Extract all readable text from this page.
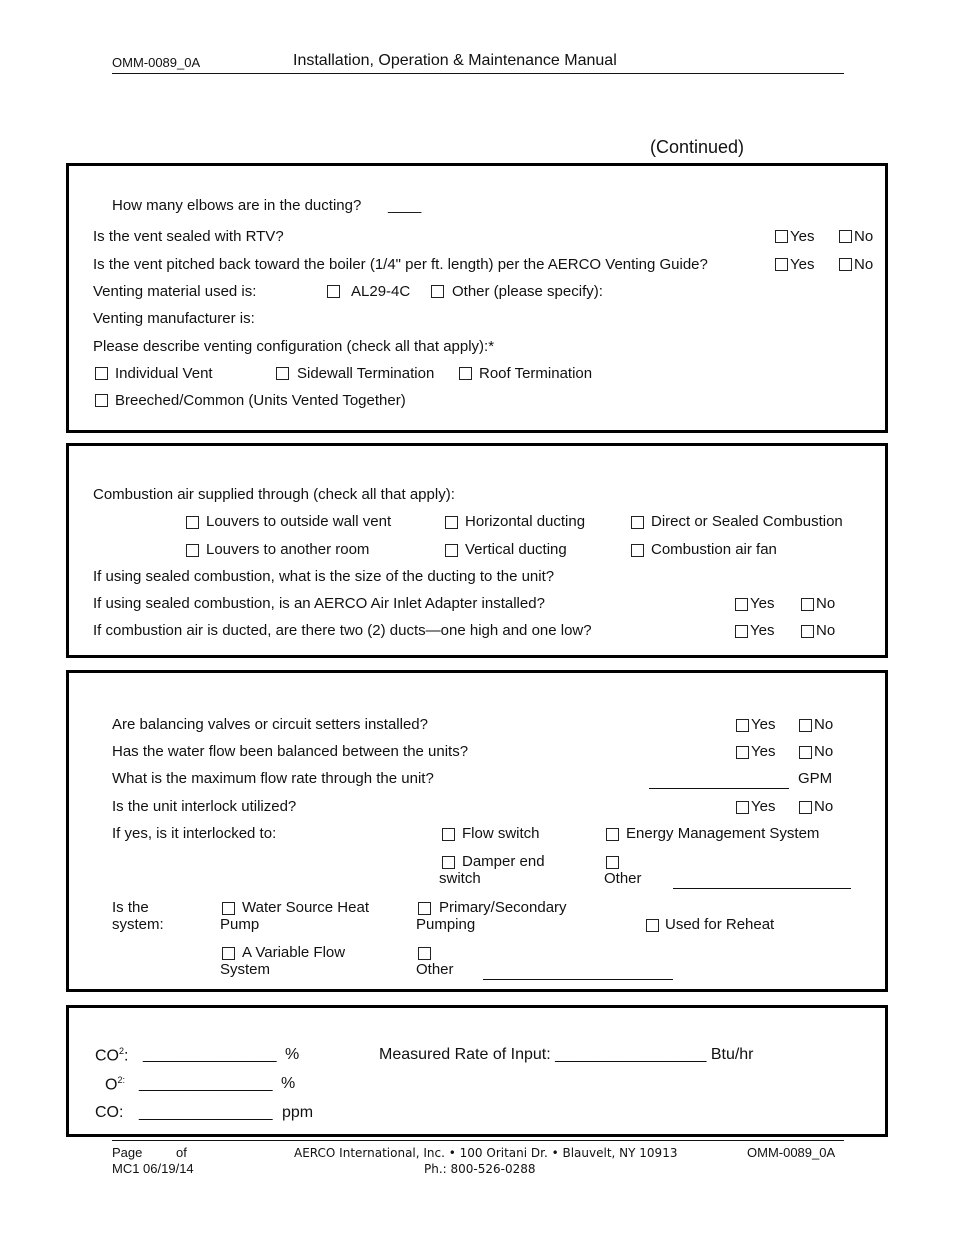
OMM-0089_0A	Installation, Operation & Maintenance Manual
(Continued)
How many elbows are in the ducting? ____
Is the vent sealed with RTV?	Yes	No
Is the vent pitched back toward the boiler (1/4" per ft. length) per the AERCO Venting Guide?	Yes	No
Venting material used is:	AL29-4C	Other (please specify):
Venting manufacturer is:
Please describe venting configuration (check all that apply):*
Individual Vent	Sidewall Termination	Roof Termination
Breeched/Common (Units Vented Together)
Combustion air supplied through (check all that apply):
Louvers to outside wall vent	Horizontal ducting	Direct or Sealed Combustion
Louvers to another room	Vertical ducting	Combustion air fan
If using sealed combustion, what is the size of the ducting to the unit?
If using sealed combustion, is an AERCO Air Inlet Adapter installed?	Yes	No
If combustion air is ducted, are there two (2) ducts—one high and one low?	Yes	No
Are balancing valves or circuit setters installed?	Yes	No
Has the water flow been balanced between the units?	Yes	No
What is the maximum flow rate through the unit?	GPM
Is the unit interlock utilized?	Yes	No
If yes, is it interlocked to:	Flow switch	Energy Management System
Damper end
switch	Other
Is the
system:
Water Source Heat
Pump
Primary/Secondary
Pumping	Used for Reheat
A Variable Flow
System	Other
$CO^2$: _______________ %	Measured Rate of Input: _________________ Btu/hr
$O^{2:}$ _______________ %
CO: _______________ ppm
Page	of
MC1 06/19/14
AERCO International, Inc. • 100 Oritani Dr. • Blauvelt, NY 10913
Ph.: 800-526-0288
OMM-0089_0A
